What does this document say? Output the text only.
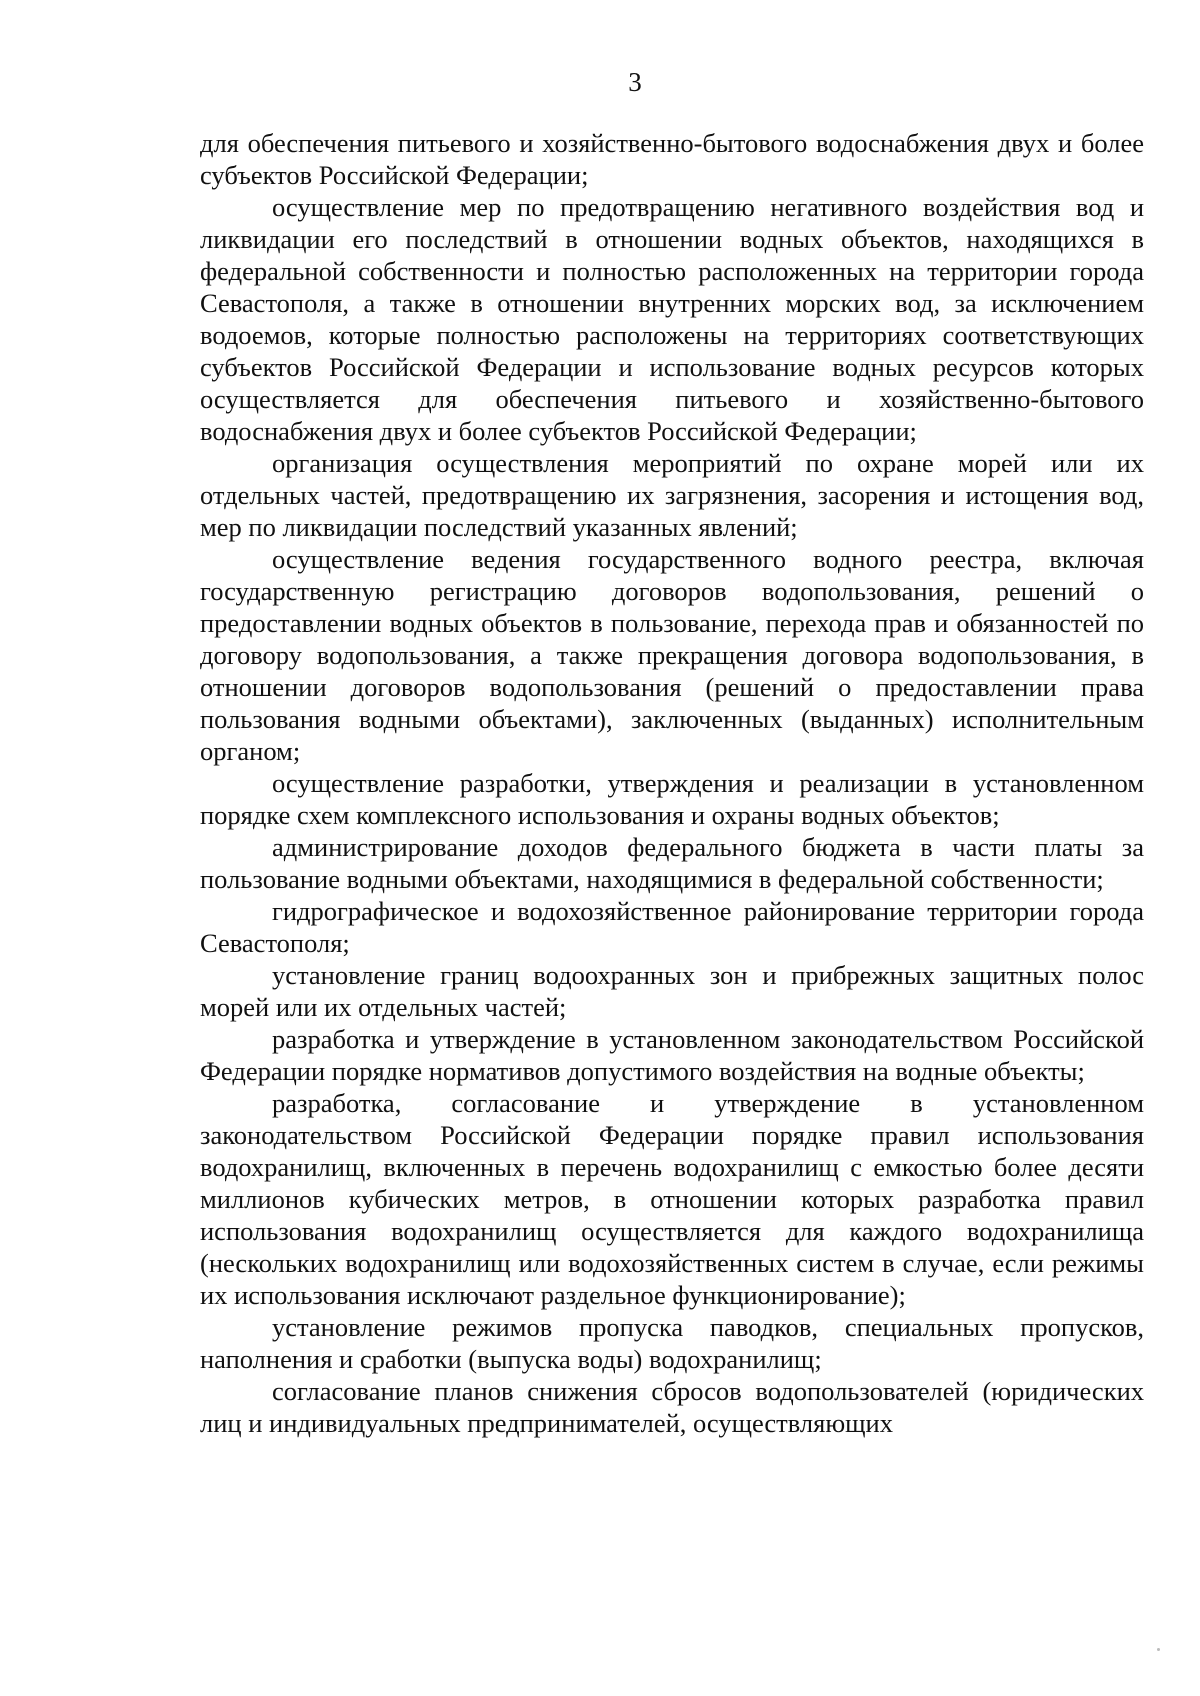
3

для обеспечения питьевого и хозяйственно-бытового водоснабжения двух и более субъектов Российской Федерации;

осуществление мер по предотвращению негативного воздействия вод и ликвидации его последствий в отношении водных объектов, находящихся в федеральной собственности и полностью расположенных на территории города Севастополя, а также в отношении внутренних морских вод, за исключением водоемов, которые полностью расположены на территориях соответствующих субъектов Российской Федерации и использование водных ресурсов которых осуществляется для обеспечения питьевого и хозяйственно-бытового водоснабжения двух и более субъектов Российской Федерации;

организация осуществления мероприятий по охране морей или их отдельных частей, предотвращению их загрязнения, засорения и истощения вод, мер по ликвидации последствий указанных явлений;

осуществление ведения государственного водного реестра, включая государственную регистрацию договоров водопользования, решений о предоставлении водных объектов в пользование, перехода прав и обязанностей по договору водопользования, а также прекращения договора водопользования, в отношении договоров водопользования (решений о предоставлении права пользования водными объектами), заключенных (выданных) исполнительным органом;

осуществление разработки, утверждения и реализации в установленном порядке схем комплексного использования и охраны водных объектов;

администрирование доходов федерального бюджета в части платы за пользование водными объектами, находящимися в федеральной собственности;

гидрографическое и водохозяйственное районирование территории города Севастополя;

установление границ водоохранных зон и прибрежных защитных полос морей или их отдельных частей;

разработка и утверждение в установленном законодательством Российской Федерации порядке нормативов допустимого воздействия на водные объекты;

разработка, согласование и утверждение в установленном законодательством Российской Федерации порядке правил использования водохранилищ, включенных в перечень водохранилищ с емкостью более десяти миллионов кубических метров, в отношении которых разработка правил использования водохранилищ осуществляется для каждого водохранилища (нескольких водохранилищ или водохозяйственных систем в случае, если режимы их использования исключают раздельное функционирование);

установление режимов пропуска паводков, специальных пропусков, наполнения и сработки (выпуска воды) водохранилищ;

согласование планов снижения сбросов водопользователей (юридических лиц и индивидуальных предпринимателей, осуществляющих
